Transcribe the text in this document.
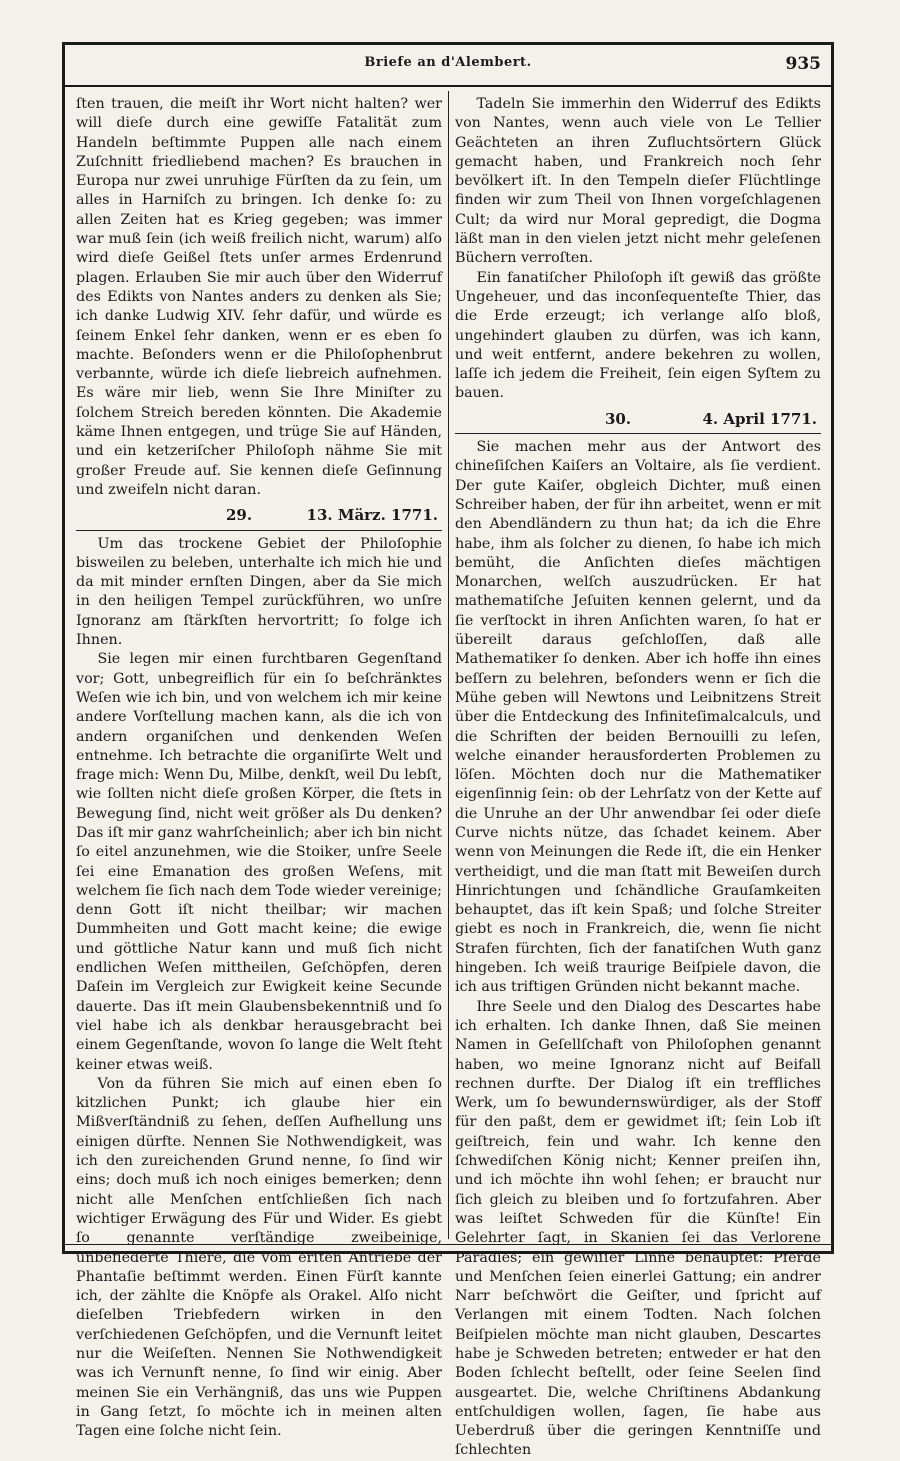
Briefe an d'Alembert.	935

ſten trauen, die meiſt ihr Wort nicht halten? wer will dieſe durch eine gewiſſe Fatalität zum Handeln beſtimmte Puppen alle nach einem Zuſchnitt friedliebend machen? Es brauchen in Europa nur zwei unruhige Fürſten da zu ſein, um alles in Harniſch zu bringen. Ich denke ſo: zu allen Zeiten hat es Krieg gegeben; was immer war muß ſein (ich weiß freilich nicht, warum) alſo wird dieſe Geißel ſtets unſer armes Erdenrund plagen. Erlauben Sie mir auch über den Widerruf des Edikts von Nantes anders zu denken als Sie; ich danke Ludwig XIV. ſehr dafür, und würde es ſeinem Enkel ſehr danken, wenn er es eben ſo machte. Beſonders wenn er die Philoſophenbrut verbannte, würde ich dieſe liebreich aufnehmen. Es wäre mir lieb, wenn Sie Ihre Miniſter zu ſolchem Streich bereden könnten. Die Akademie käme Ihnen entgegen, und trüge Sie auf Händen, und ein ketzeriſcher Philoſoph nähme Sie mit großer Freude auf. Sie kennen dieſe Geſinnung und zweifeln nicht daran.

29.	13. März. 1771.

Um das trockene Gebiet der Philoſophie bisweilen zu beleben, unterhalte ich mich hie und da mit minder ernſten Dingen, aber da Sie mich in den heiligen Tempel zurückführen, wo unſre Ignoranz am ſtärkſten hervortritt; ſo folge ich Ihnen.

Sie legen mir einen furchtbaren Gegenſtand vor; Gott, unbegreiflich für ein ſo beſchränktes Weſen wie ich bin, und von welchem ich mir keine andere Vorſtellung machen kann, als die ich von andern organiſchen und denkenden Weſen entnehme. Ich betrachte die organiſirte Welt und frage mich: Wenn Du, Milbe, denkſt, weil Du lebſt, wie ſollten nicht dieſe großen Körper, die ſtets in Bewegung ſind, nicht weit größer als Du denken? Das iſt mir ganz wahrſcheinlich; aber ich bin nicht ſo eitel anzunehmen, wie die Stoiker, unſre Seele ſei eine Emanation des großen Weſens, mit welchem ſie ſich nach dem Tode wieder vereinige; denn Gott iſt nicht theilbar; wir machen Dummheiten und Gott macht keine; die ewige und göttliche Natur kann und muß ſich nicht endlichen Weſen mittheilen, Geſchöpfen, deren Daſein im Vergleich zur Ewigkeit keine Secunde dauerte. Das iſt mein Glaubensbekenntniß und ſo viel habe ich als denkbar herausgebracht bei einem Gegenſtande, wovon ſo lange die Welt ſteht keiner etwas weiß.

Von da führen Sie mich auf einen eben ſo kitzlichen Punkt; ich glaube hier ein Mißverſtändniß zu ſehen, deſſen Aufhellung uns einigen dürfte. Nennen Sie Nothwendigkeit, was ich den zureichenden Grund nenne, ſo ſind wir eins; doch muß ich noch einiges bemerken; denn nicht alle Menſchen entſchließen ſich nach wichtiger Erwägung des Für und Wider. Es giebt ſo genannte verſtändige zweibeinige, unbefiederte Thiere, die vom erſten Antriebe der Phantaſie beſtimmt werden. Einen Fürſt kannte ich, der zählte die Knöpfe als Orakel. Alſo nicht dieſelben Triebfedern wirken in den verſchiedenen Geſchöpfen, und die Vernunft leitet nur die Weiſeſten. Nennen Sie Nothwendigkeit was ich Vernunft nenne, ſo ſind wir einig. Aber meinen Sie ein Verhängniß, das uns wie Puppen in Gang ſetzt, ſo möchte ich in meinen alten Tagen eine ſolche nicht ſein.

Tadeln Sie immerhin den Widerruf des Edikts von Nantes, wenn auch viele von Le Tellier Geächteten an ihren Zufluchtsörtern Glück gemacht haben, und Frankreich noch ſehr bevölkert iſt. In den Tempeln dieſer Flüchtlinge finden wir zum Theil von Ihnen vorgeſchlagenen Cult; da wird nur Moral gepredigt, die Dogma läßt man in den vielen jetzt nicht mehr geleſenen Büchern verroſten.

Ein fanatiſcher Philoſoph iſt gewiß das größte Ungeheuer, und das inconſequenteſte Thier, das die Erde erzeugt; ich verlange alſo bloß, ungehindert glauben zu dürfen, was ich kann, und weit entfernt, andere bekehren zu wollen, laſſe ich jedem die Freiheit, ſein eigen Syſtem zu bauen.

30.	4. April 1771.

Sie machen mehr aus der Antwort des chineſiſchen Kaiſers an Voltaire, als ſie verdient. Der gute Kaiſer, obgleich Dichter, muß einen Schreiber haben, der für ihn arbeitet, wenn er mit den Abendländern zu thun hat; da ich die Ehre habe, ihm als ſolcher zu dienen, ſo habe ich mich bemüht, die Anſichten dieſes mächtigen Monarchen, welſch auszudrücken. Er hat mathematiſche Jeſuiten kennen gelernt, und da ſie verſtockt in ihren Anſichten waren, ſo hat er übereilt daraus geſchloſſen, daß alle Mathematiker ſo denken. Aber ich hoffe ihn eines beſſern zu belehren, beſonders wenn er ſich die Mühe geben will Newtons und Leibnitzens Streit über die Entdeckung des Infiniteſimalcalculs, und die Schriften der beiden Bernouilli zu leſen, welche einander herausforderten Problemen zu löſen. Möchten doch nur die Mathematiker eigenſinnig ſein: ob der Lehrſatz von der Kette auf die Unruhe an der Uhr anwendbar ſei oder dieſe Curve nichts nütze, das ſchadet keinem. Aber wenn von Meinungen die Rede iſt, die ein Henker vertheidigt, und die man ſtatt mit Beweiſen durch Hinrichtungen und ſchändliche Grauſamkeiten behauptet, das iſt kein Spaß; und ſolche Streiter giebt es noch in Frankreich, die, wenn ſie nicht Strafen fürchten, ſich der fanatiſchen Wuth ganz hingeben. Ich weiß traurige Beiſpiele davon, die ich aus triftigen Gründen nicht bekannt mache.

Ihre Seele und den Dialog des Descartes habe ich erhalten. Ich danke Ihnen, daß Sie meinen Namen in Geſellſchaft von Philoſophen genannt haben, wo meine Ignoranz nicht auf Beifall rechnen durfte. Der Dialog iſt ein treffliches Werk, um ſo bewundernswürdiger, als der Stoff für den paßt, dem er gewidmet iſt; ſein Lob iſt geiſtreich, fein und wahr. Ich kenne den ſchwediſchen König nicht; Kenner preiſen ihn, und ich möchte ihn wohl ſehen; er braucht nur ſich gleich zu bleiben und ſo fortzufahren. Aber was leiſtet Schweden für die Künſte! Ein Gelehrter ſagt, in Skanien ſei das Verlorene Paradies; ein gewiſſer Linne behauptet: Pferde und Menſchen ſeien einerlei Gattung; ein andrer Narr beſchwört die Geiſter, und ſpricht auf Verlangen mit einem Todten. Nach ſolchen Beiſpielen möchte man nicht glauben, Descartes habe je Schweden betreten; entweder er hat den Boden ſchlecht beſtellt, oder ſeine Seelen ſind ausgeartet. Die, welche Chriſtinens Abdankung entſchuldigen wollen, ſagen, ſie habe aus Ueberdruß über die geringen Kenntniſſe und ſchlechten
